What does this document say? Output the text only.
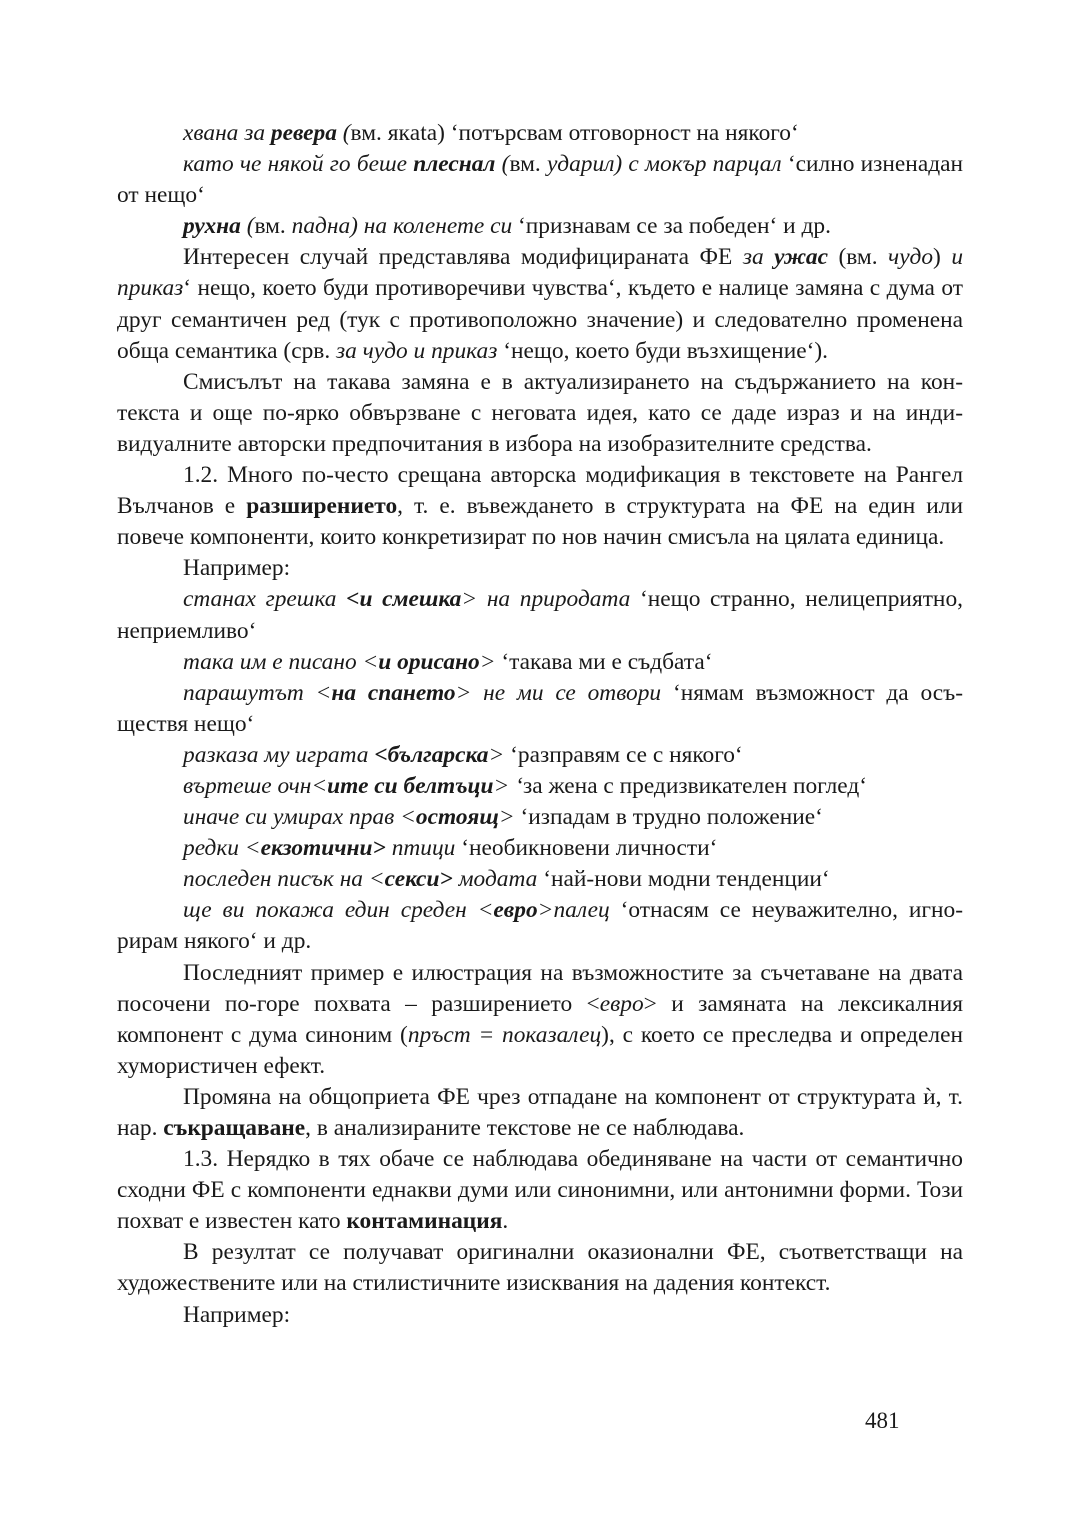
хвана за ревера (вм. якata) ‘потърсвам отговорност на някого‘

като че някой го беше плеснал (вм. ударил) с мокър парцал ‘силно изненадан от нещо‘

рухна (вм. падна) на коленете си ‘признавам се за победен‘ и др.

Интересен случай представлява модифицираната ФЕ за ужас (вм. чудо) и приказ‘ нещо, което буди противоречиви чувства‘, където е налице замяна с дума от друг семантичен ред (тук с противоположно значение) и следователно променена обща семантика (срв. за чудо и приказ ‘нещо, което буди възхищение‘).

Смисълът на такава замяна е в актуализирането на съдържанието на контекста и още по-ярко обвързване с неговата идея, като се даде израз и на индивидуалните авторски предпочитания в избора на изобразителните средства.

1.2. Много по-често срещана авторска модификация в текстовете на Рангел Вълчанов е разширението, т. е. въвеждането в структурата на ФЕ на един или повече компоненти, които конкретизират по нов начин смисъла на цялата единица.

Например:

станах грешка <и смешка> на природата ‘нещо странно, нелицеприятно, неприемливо‘

така им е писано <и орисано> ‘такава ми е съдбата‘

парашутът <на спането> не ми се отвори ‘нямам възможност да осъществя нещо‘

разказа му играта <българска> ‘разправям се с някого‘

въртеше очн<ите си белтъци> ‘за жена с предизвикателен поглед‘

иначе си умирах прав <остоящ> ‘изпадам в трудно положение‘

редки <екзотични> птици ‘необикновени личности‘

последен писък на <секси> модата ‘най-нови модни тенденции‘

ще ви покажа един среден <евро>палец ‘отнасям се неуважително, игнорирам някого‘ и др.

Последният пример е илюстрация на възможностите за съчетаване на двата посочени по-горе похвата – разширението <евро> и замяната на лексикалния компонент с дума синоним (пръст = показалец), с което се преследва и определен хумористичен ефект.

Промяна на общоприета ФЕ чрез отпадане на компонент от структурата ѝ, т. нар. съкращаване, в анализираните текстове не се наблюдава.

1.3. Нерядко в тях обаче се наблюдава обединяване на части от семантично сходни ФЕ с компоненти еднакви думи или синонимни, или антонимни форми. Този похват е известен като контаминация.

В резултат се получават оригинални оказионални ФЕ, съответстващи на художествените или на стилистичните изисквания на дадения контекст.

Например:

481
